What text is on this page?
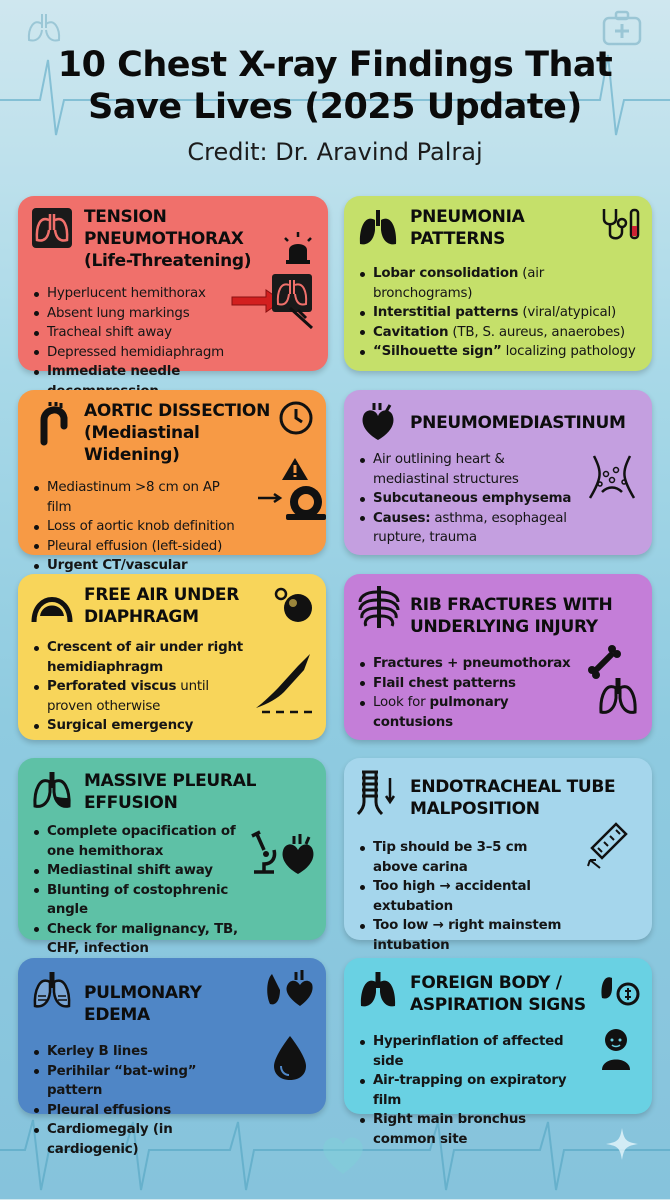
10 Chest X-ray Findings That
Save Lives (2025 Update)
Credit: Dr. Aravind Palraj
TENSION PNEUMOTHORAX (Life-Threatening)
Hyperlucent hemithorax
Absent lung markings
Tracheal shift away
Depressed hemidiaphragm
Immediate needle
PNEUMONIA PATTERNS
Lobar consolidation (air bronchograms)
Interstitial patterns (viral/atypical)
Cavitation (TB, S. aureus, anaerobes)
“Silhouette sign” localizing pathology
AORTIC DISSECTION (Mediastinal Widening)
Mediastinum >8 cm on AP film
Loss of aortic knob definition
Pleural effusion (left-sided)
Urgent CT/vascular
PNEUMOMEDIASTINUM
Air outlining heart & mediastinal structures
Subcutaneous emphysema
Causes: asthma, esophageal rupture, trauma
FREE AIR UNDER DIAPHRAGM
Crescent of air under right hemidiaphragm
Perforated viscus until proven otherwise
Surgical emergency
RIB FRACTURES WITH UNDERLYING INJURY
Fractures + pneumothorax
Flail chest patterns
Look for pulmonary contusions
MASSIVE PLEURAL EFFUSION
Complete opacification of one hemithorax
Mediastinal shift away
Blunting of costophrenic angle
Check for malignancy, TB, CHF, infection
ENDOTRACHEAL TUBE MALPOSITION
Tip should be 3–5 cm above carina
Too high → accidental extubation
Too low → right mainstem intubation
PULMONARY EDEMA
Kerley B lines
Perihilar “bat-wing” pattern
Pleural effusions
Cardiomegaly (in cardiogenic)
FOREIGN BODY / ASPIRATION SIGNS
Hyperinflation of affected side
Air-trapping on expiratory film
Right main bronchus common site
